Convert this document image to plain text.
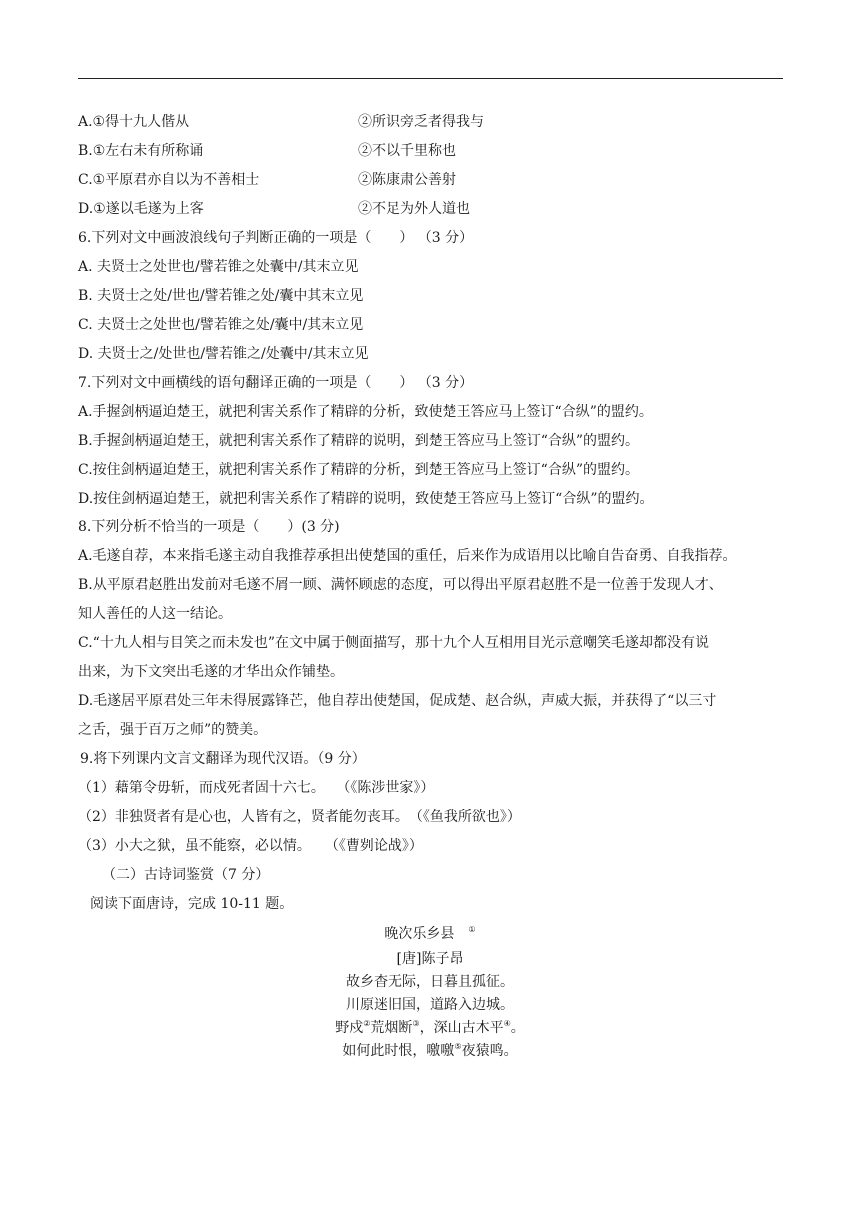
A.①得十九人偕从	②所识旁乏者得我与
B.①左右未有所称诵	②不以千里称也
C.①平原君亦自以为不善相士	②陈康肃公善射
D.①遂以毛遂为上客	②不足为外人道也
6.下列对文中画波浪线句子判断正确的一项是（　　） （3 分）
A. 夫贤士之处世也/譬若锥之处囊中/其末立见
B. 夫贤士之处/世也/譬若锥之处/囊中其末立见
C. 夫贤士之处世也/譬若锥之处/囊中/其末立见
D. 夫贤士之/处世也/譬若锥之/处囊中/其末立见
7.下列对文中画横线的语句翻译正确的一项是（　　） （3 分）
A.手握剑柄逼迫楚王，就把利害关系作了精辟的分析，致使楚王答应马上签订“合纵”的盟约。
B.手握剑柄逼迫楚王，就把利害关系作了精辟的说明，到楚王答应马上签订“合纵”的盟约。
C.按住剑柄逼迫楚王，就把利害关系作了精辟的分析，到楚王答应马上签订“合纵”的盟约。
D.按住剑柄逼迫楚王，就把利害关系作了精辟的说明，致使楚王答应马上签订“合纵”的盟约。
8.下列分析不恰当的一项是（　　）(3 分)
A.毛遂自荐，本来指毛遂主动自我推荐承担出使楚国的重任，后来作为成语用以比喻自告奋勇、自我指荐。
B.从平原君赵胜出发前对毛遂不屑一顾、满怀顾虑的态度，可以得出平原君赵胜不是一位善于发现人才、
知人善任的人这一结论。
C.“十九人相与目笑之而未发也”在文中属于侧面描写，那十九个人互相用目光示意嘲笑毛遂却都没有说
出来，为下文突出毛遂的才华出众作铺垫。
D.毛遂居平原君处三年未得展露锋芒，他自荐出使楚国，促成楚、赵合纵，声威大振，并获得了“以三寸
之舌，强于百万之师”的赞美。
9.将下列课内文言文翻译为现代汉语。（9 分）
（1）藉第令毋斩，而戍死者固十六七。　 （《陈涉世家》）
（2）非独贤者有是心也，人皆有之，贤者能勿丧耳。　（《鱼我所欲也》）
（3）小大之狱，虽不能察，必以情。　　（《曹刿论战》）
（二）古诗词鉴赏（7 分）
阅读下面唐诗，完成 10-11 题。
晚次乐乡县 ①
[唐]陈子昂
故乡杳无际，日暮且孤征。
川原迷旧国，道路入边城。
野戍②荒烟断③，深山古木平④。
如何此时恨，噭噭⑤夜猿鸣。
